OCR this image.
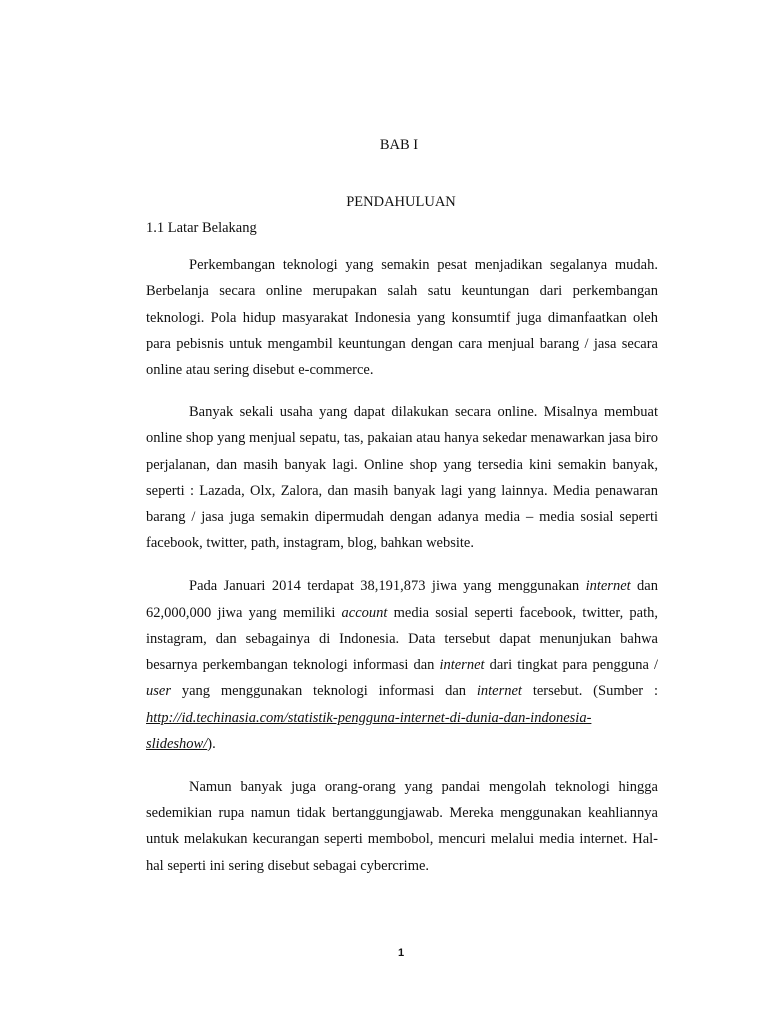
BAB I
PENDAHULUAN
1.1 Latar Belakang

Perkembangan teknologi yang semakin pesat menjadikan segalanya mudah. Berbelanja secara online merupakan salah satu keuntungan dari perkembangan teknologi. Pola hidup masyarakat Indonesia yang konsumtif juga dimanfaatkan oleh para pebisnis untuk mengambil keuntungan dengan cara menjual barang / jasa secara online atau sering disebut e-commerce.

Banyak sekali usaha yang dapat dilakukan secara online. Misalnya membuat online shop yang menjual sepatu, tas, pakaian atau hanya sekedar menawarkan jasa biro perjalanan, dan masih banyak lagi. Online shop yang tersedia kini semakin banyak, seperti : Lazada, Olx, Zalora, dan masih banyak lagi yang lainnya. Media penawaran barang / jasa juga semakin dipermudah dengan adanya media – media sosial seperti facebook, twitter, path, instagram, blog, bahkan website.

Pada Januari 2014 terdapat 38,191,873 jiwa yang menggunakan internet dan 62,000,000 jiwa yang memiliki account media sosial seperti facebook, twitter, path, instagram, dan sebagainya di Indonesia. Data tersebut dapat menunjukan bahwa besarnya perkembangan teknologi informasi dan internet dari tingkat para pengguna / user yang menggunakan teknologi informasi dan internet tersebut. (Sumber : http://id.techinasia.com/statistik-pengguna-internet-di-dunia-dan-indonesia-slideshow/).

Namun banyak juga orang-orang yang pandai mengolah teknologi hingga sedemikian rupa namun tidak bertanggungjawab. Mereka menggunakan keahliannya untuk melakukan kecurangan seperti membobol, mencuri melalui media internet. Hal-hal seperti ini sering disebut sebagai cybercrime.

1
